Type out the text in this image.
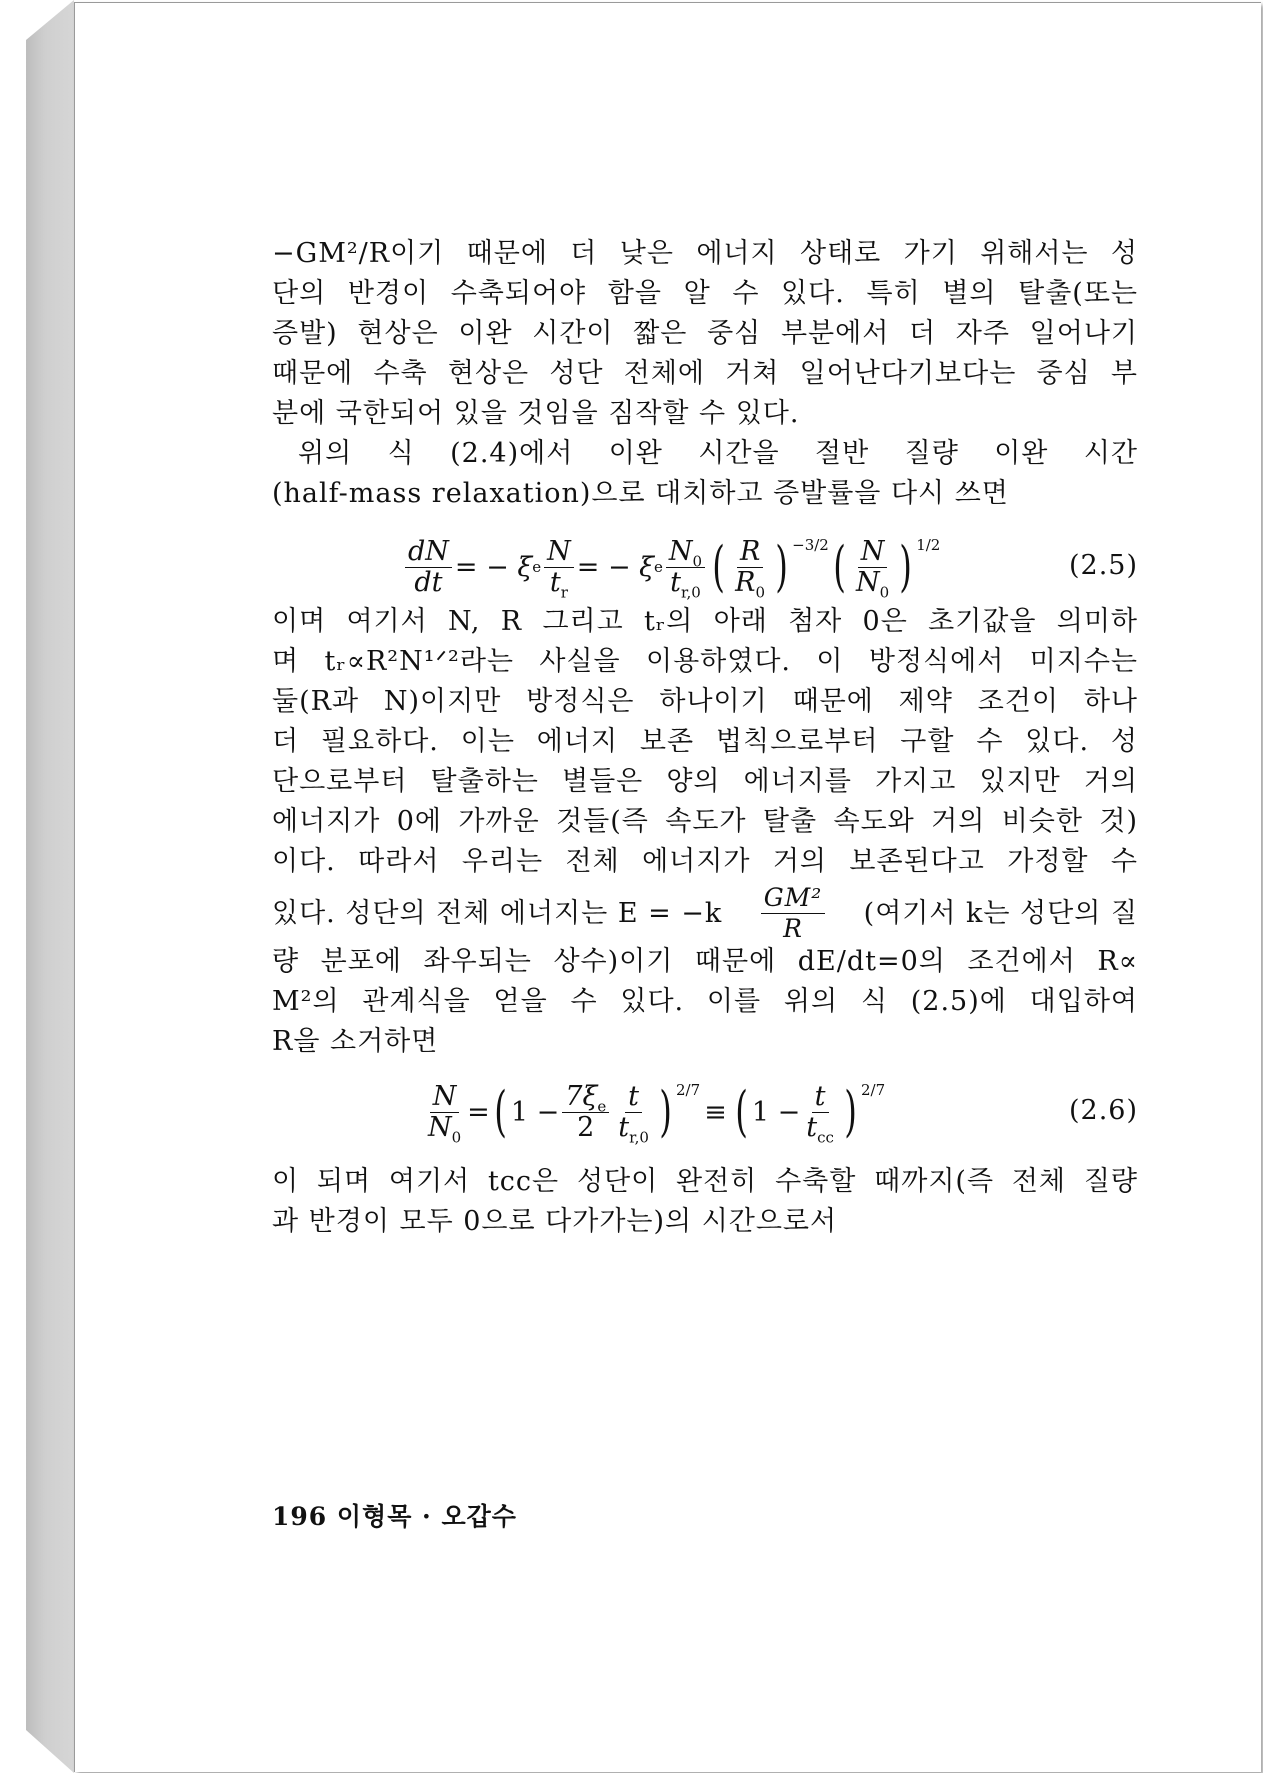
−GM²/R이기 때문에 더 낮은 에너지 상태로 가기 위해서는 성
단의 반경이 수축되어야 함을 알 수 있다. 특히 별의 탈출(또는
증발) 현상은 이완 시간이 짧은 중심 부분에서 더 자주 일어나기
때문에 수축 현상은 성단 전체에 거쳐 일어난다기보다는 중심 부
분에 국한되어 있을 것임을 짐작할 수 있다.
위의 식 (2.4)에서 이완 시간을 절반 질량 이완 시간
(half-mass relaxation)으로 대치하고 증발률을 다시 쓰면
$\frac{dN}{dt}$ = − ξ e $\frac{N}{t_r}$ = − ξ e $\frac{N_0}{t_{r,0}}$ ( $\frac{R}{R_0}$ ) −3/2 ( $\frac{N}{N_0}$ ) 1/2
(2.5)
이며 여기서 N, R 그리고 tᵣ의 아래 첨자 0은 초기값을 의미하
며 tᵣ∝R²N¹ᐟ²라는 사실을 이용하였다. 이 방정식에서 미지수는
둘(R과 N)이지만 방정식은 하나이기 때문에 제약 조건이 하나
더 필요하다. 이는 에너지 보존 법칙으로부터 구할 수 있다. 성
단으로부터 탈출하는 별들은 양의 에너지를 가지고 있지만 거의
에너지가 0에 가까운 것들(즉 속도가 탈출 속도와 거의 비슷한 것)
이다. 따라서 우리는 전체 에너지가 거의 보존된다고 가정할 수
있다. 성단의 전체 에너지는 $E = -k \frac{\text{GM²}}{R}$ (여기서 k는 성단의 질
량 분포에 좌우되는 상수)이기 때문에 dE/dt=0의 조건에서 R∝
M²의 관계식을 얻을 수 있다. 이를 위의 식 (2.5)에 대입하여
R을 소거하면
$\frac{N}{N_0}$ = ( $1 - \frac{7\xi_e}{2} \frac{t}{t_{r,0}}$ ) 2/7
≡ ( $1 - \frac{t}{t_{cc}}$ ) 2/7
(2.6)
이 되며 여기서 tcc은 성단이 완전히 수축할 때까지(즉 전체 질량
과 반경이 모두 0으로 다가가는)의 시간으로서
196 이형목 · 오갑수
